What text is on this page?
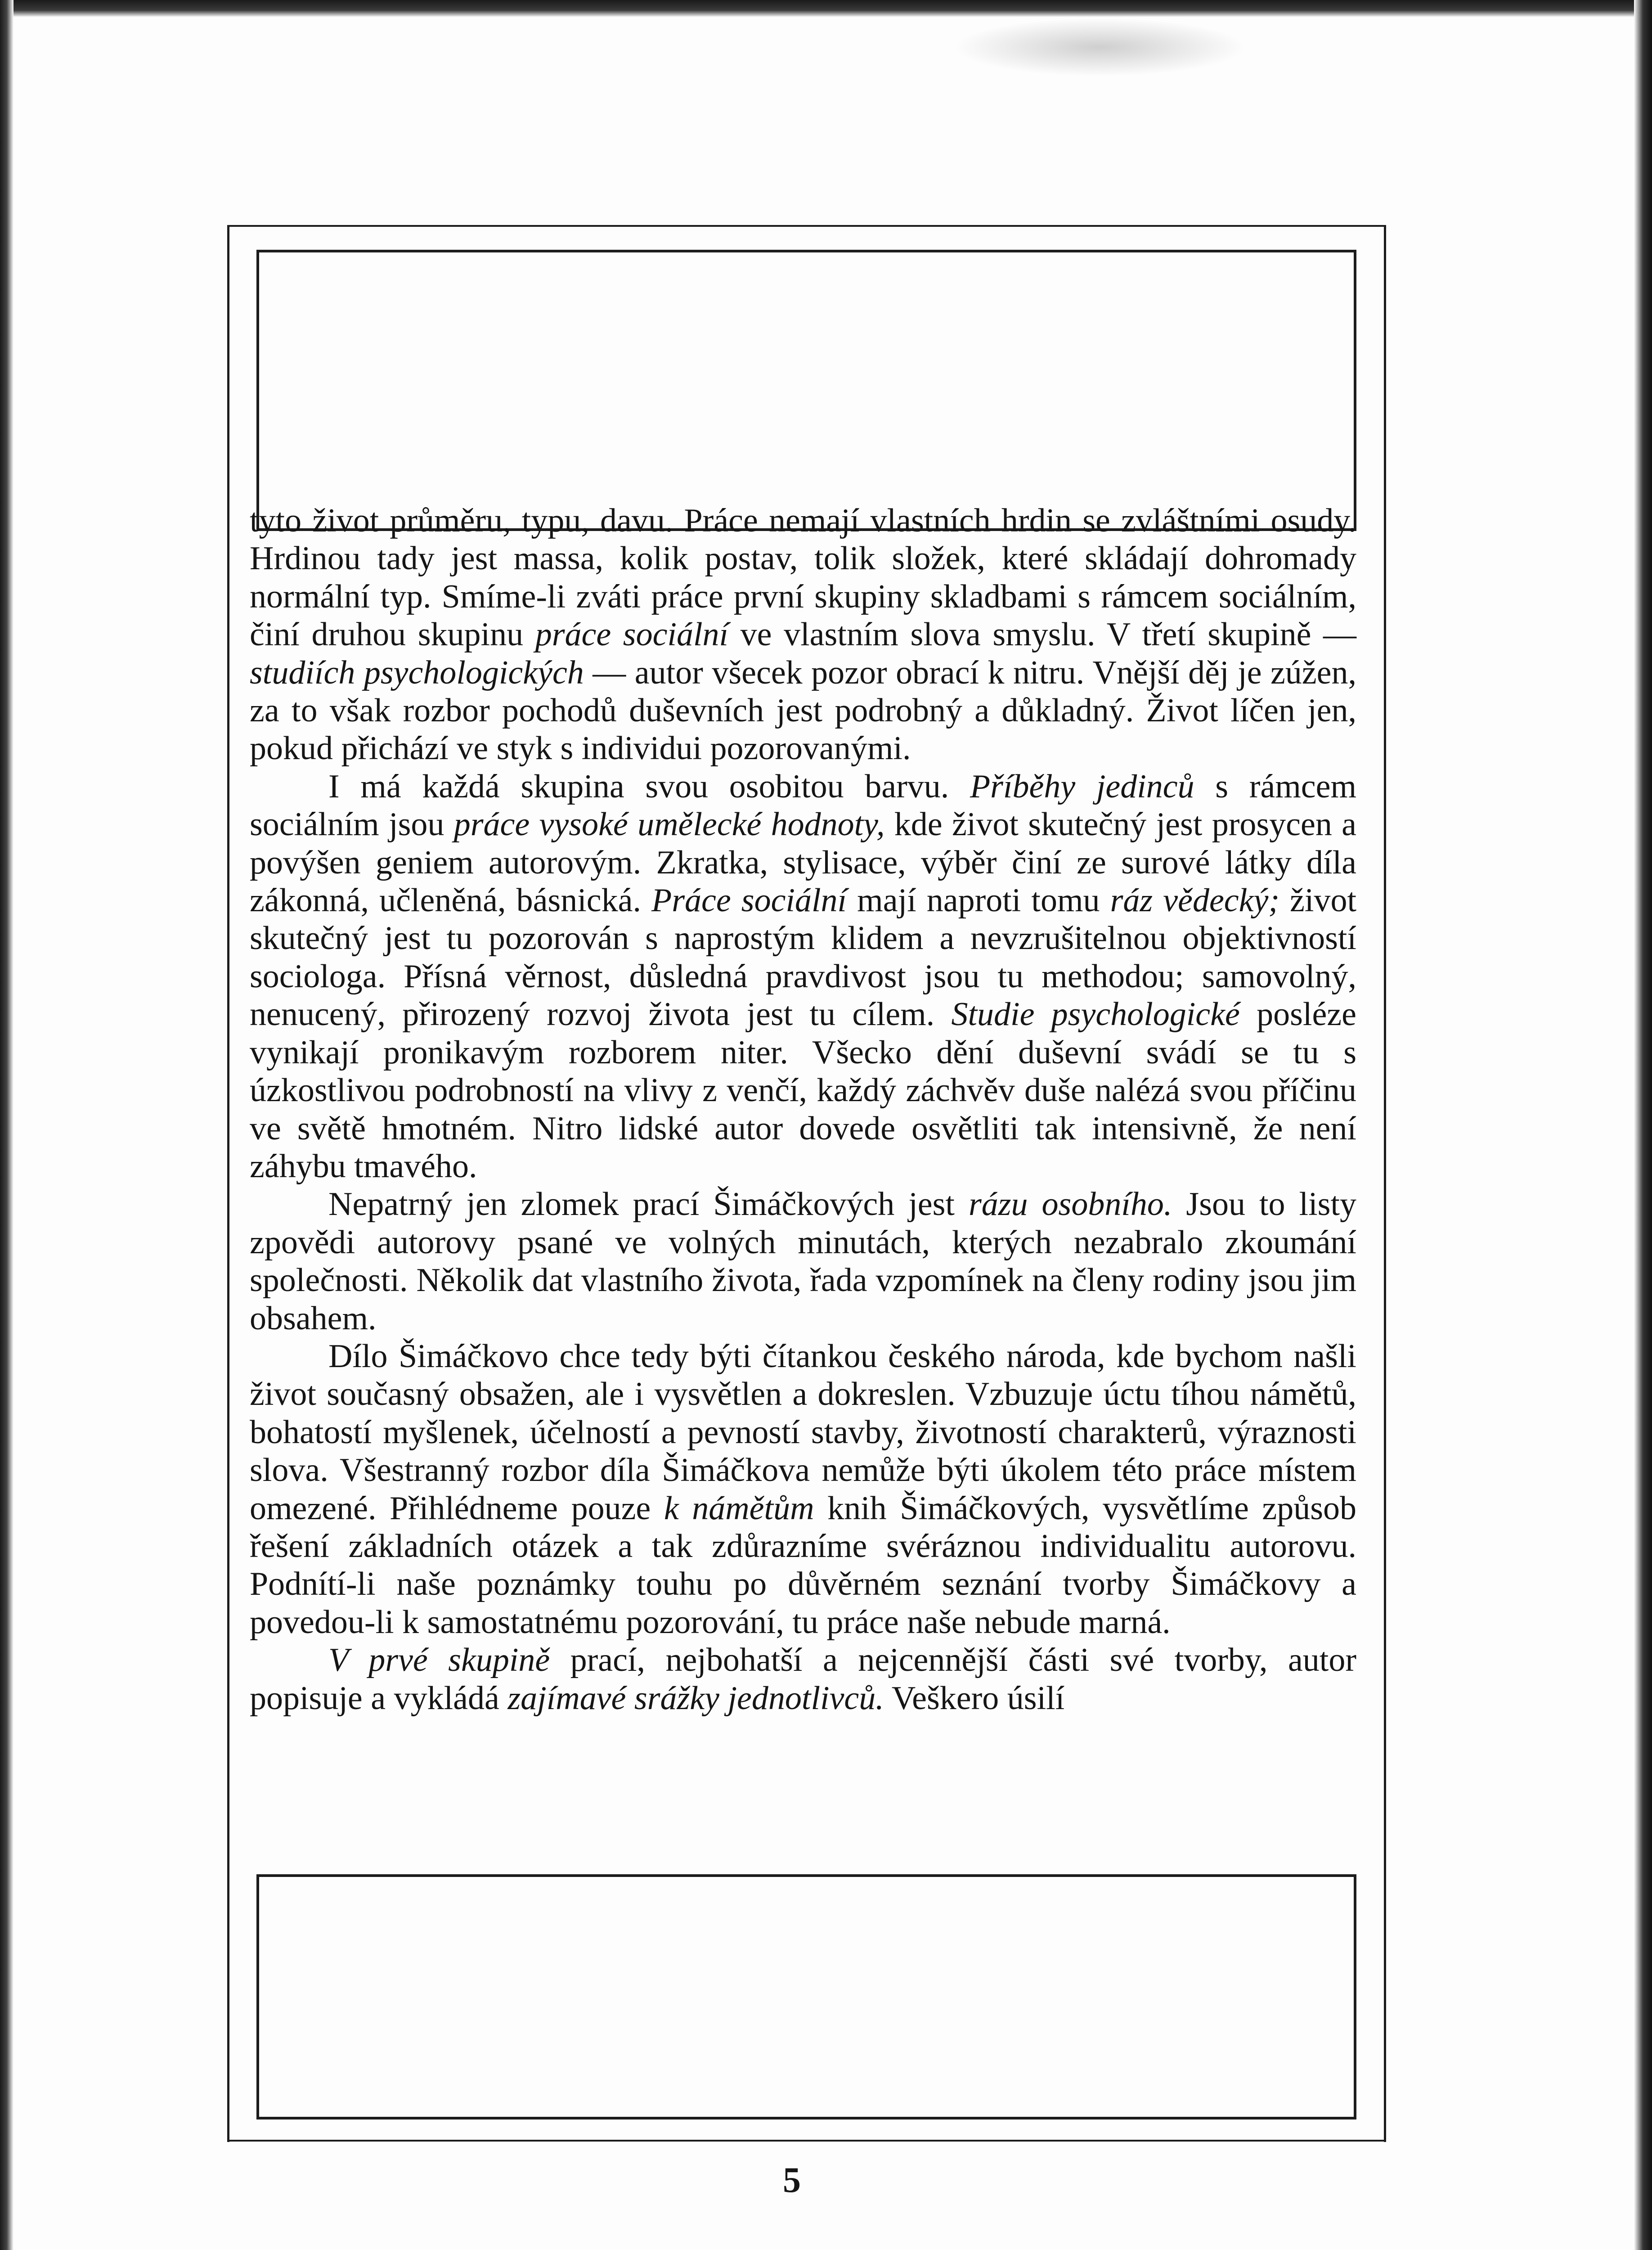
tyto život průměru, typu, davu. Práce nemají vlastních hrdin se zvláštními osudy. Hrdinou tady jest massa, kolik postav, tolik složek, které skládají dohromady normální typ. Smíme-li zváti práce první skupiny skladbami s rámcem sociálním, činí druhou skupinu práce sociální ve vlastním slova smyslu. V třetí skupině — studiích psychologických — autor všecek pozor obrací k nitru. Vnější děj je zúžen, za to však rozbor pochodů duševních jest podrobný a důkladný. Život líčen jen, pokud přichází ve styk s individui pozorovanými.

I má každá skupina svou osobitou barvu. Příběhy jedinců s rámcem sociálním jsou práce vysoké umělecké hodnoty, kde život skutečný jest prosycen a povýšen geniem autorovým. Zkratka, stylisace, výběr činí ze surové látky díla zákonná, učleněná, básnická. Práce sociální mají naproti tomu ráz vědecký; život skutečný jest tu pozorován s naprostým klidem a nevzrušitelnou objektivností sociologa. Přísná věrnost, důsledná pravdivost jsou tu methodou; samovolný, nenucený, přirozený rozvoj života jest tu cílem. Studie psychologické posléze vynikají pronikavým rozborem niter. Všecko dění duševní svádí se tu s úzkostlivou podrobností na vlivy z venčí, každý záchvěv duše nalézá svou příčinu ve světě hmotném. Nitro lidské autor dovede osvětliti tak intensivně, že není záhybu tmavého.

Nepatrný jen zlomek prací Šimáčkových jest rázu osobního. Jsou to listy zpovědi autorovy psané ve volných minutách, kterých nezabralo zkoumání společnosti. Několik dat vlastního života, řada vzpomínek na členy rodiny jsou jim obsahem.

Dílo Šimáčkovo chce tedy býti čítankou českého národa, kde bychom našli život současný obsažen, ale i vysvětlen a dokreslen. Vzbuzuje úctu tíhou námětů, bohatostí myšlenek, účelností a pevností stavby, životností charakterů, výraznosti slova. Všestranný rozbor díla Šimáčkova nemůže býti úkolem této práce místem omezené. Přihlédneme pouze k námětům knih Šimáčkových, vysvětlíme způsob řešení základních otázek a tak zdůrazníme svéráznou individualitu autorovu. Podnítí-li naše poznámky touhu po důvěrném seznání tvorby Šimáčkovy a povedou-li k samostatnému pozorování, tu práce naše nebude marná.

V prvé skupině prací, nejbohatší a nejcennější části své tvorby, autor popisuje a vykládá zajímavé srážky jednotlivců. Veškero úsilí

5
